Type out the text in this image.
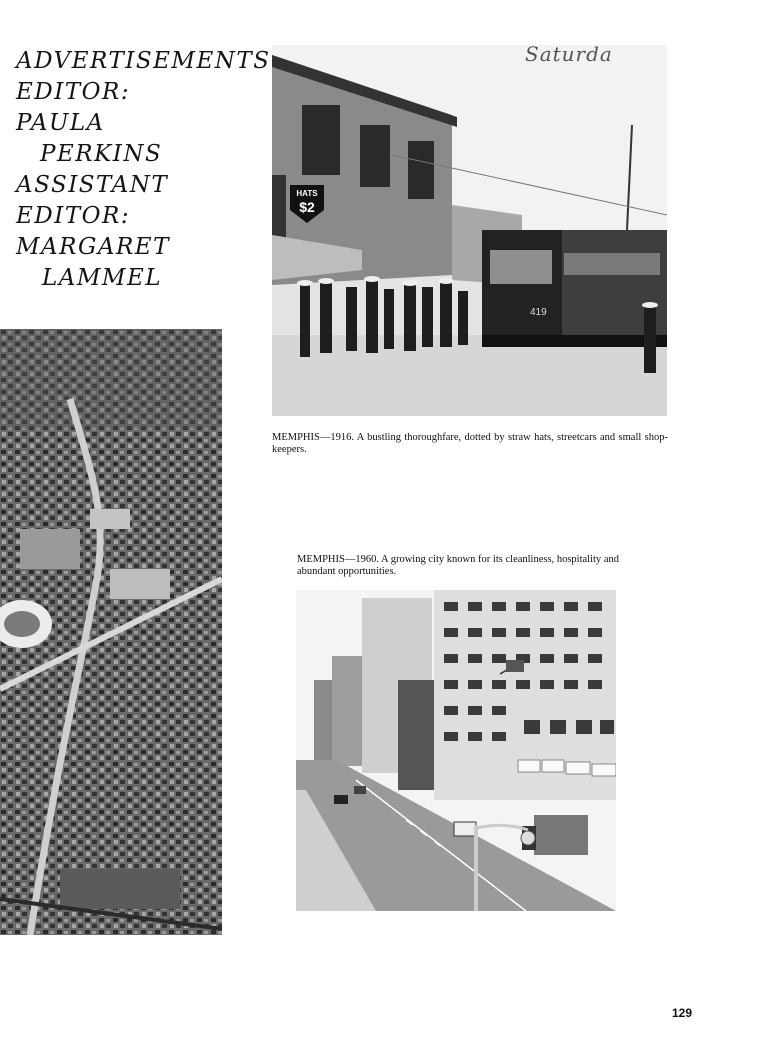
ADVERTISEMENTS
EDITOR:
PAULA
PERKINS
ASSISTANT
EDITOR:
MARGARET
LAMMEL
HATS
$2
419
Saturda
MEMPHIS—1916. A bustling thoroughfare, dotted by straw hats, streetcars and small shop-keepers.
MEMPHIS—1960. A growing city known for its cleanliness, hospitality and abundant opportunities.
129
